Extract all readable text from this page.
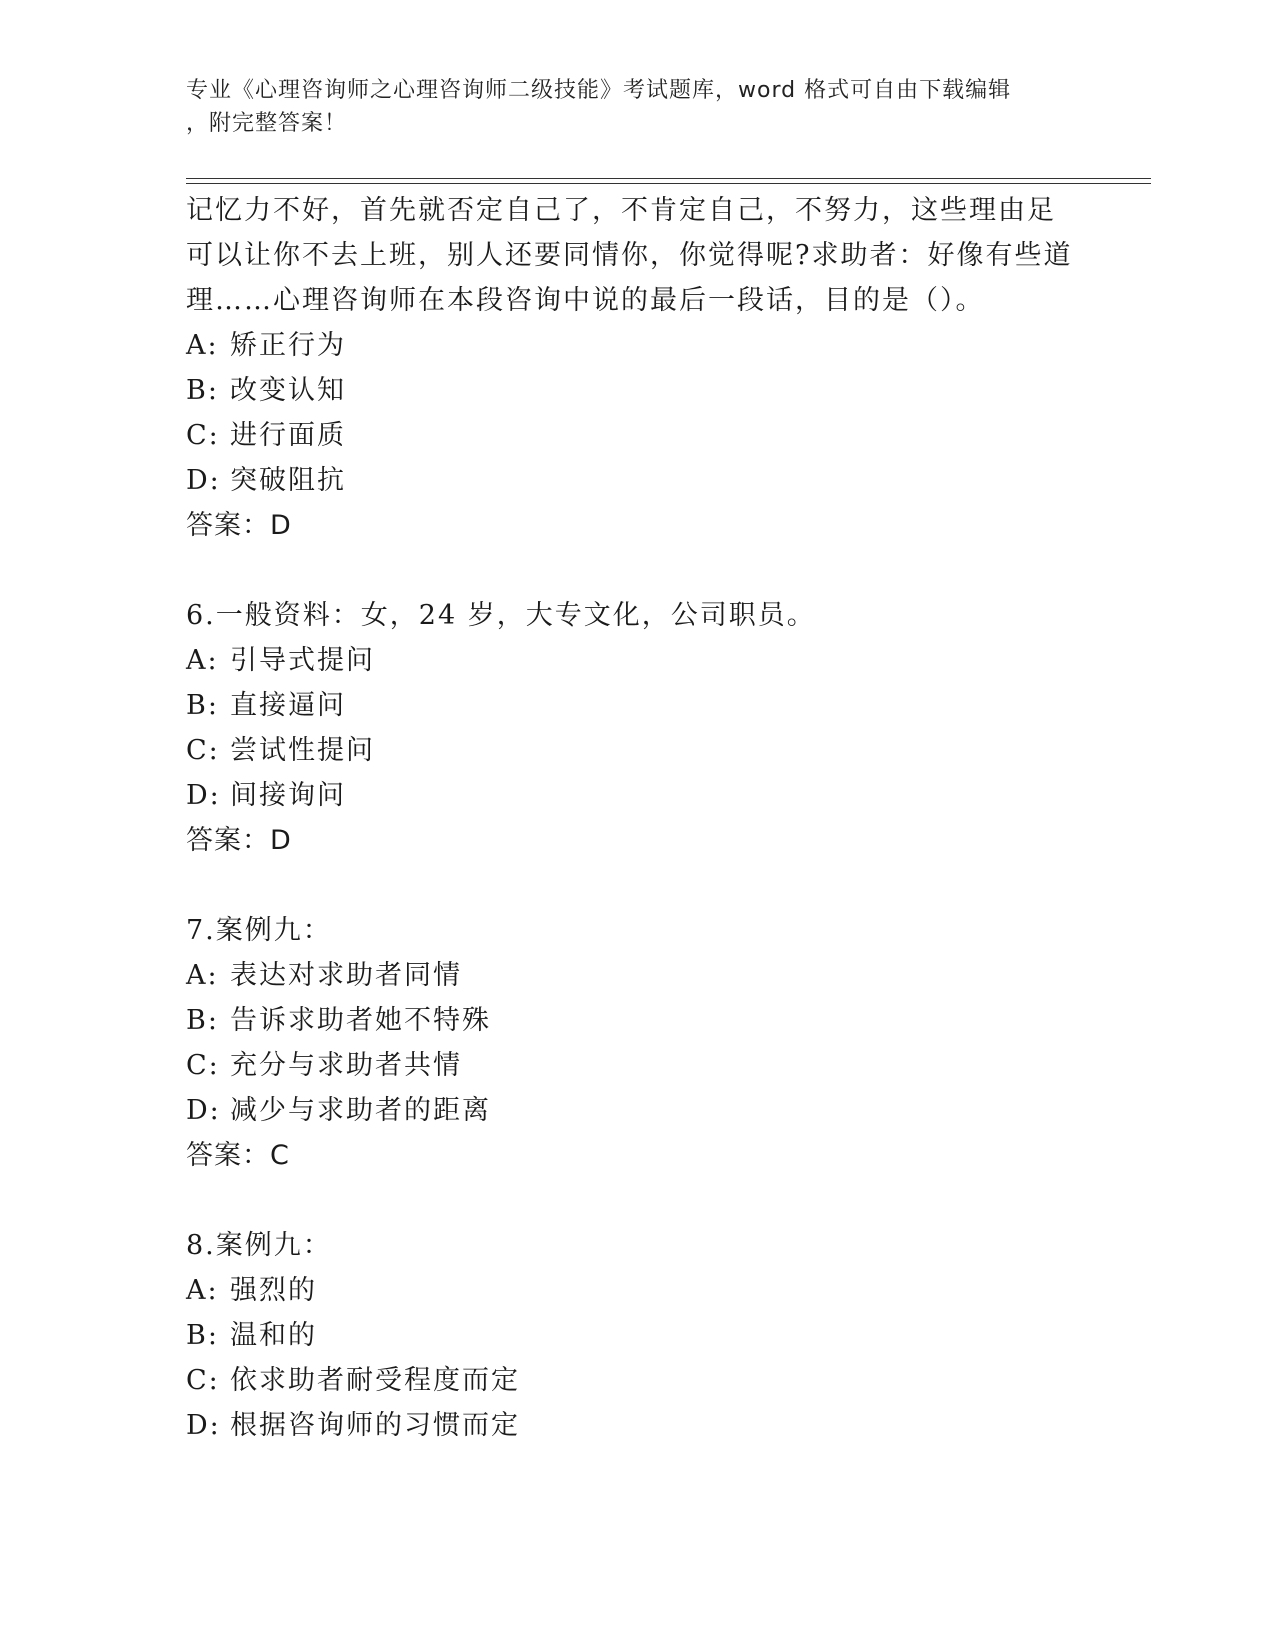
专业《心理咨询师之心理咨询师二级技能》考试题库，word 格式可自由下载编辑
，附完整答案！
记忆力不好，首先就否定自己了，不肯定自己，不努力，这些理由足
可以让你不去上班，别人还要同情你，你觉得呢?求助者：好像有些道
理……心理咨询师在本段咨询中说的最后一段话，目的是（）。
A: 矫正行为
B: 改变认知
C: 进行面质
D: 突破阻抗
答案：D
6.一般资料：女，24 岁，大专文化，公司职员。
A: 引导式提问
B: 直接逼问
C: 尝试性提问
D: 间接询问
答案：D
7.案例九：
A: 表达对求助者同情
B: 告诉求助者她不特殊
C: 充分与求助者共情
D: 减少与求助者的距离
答案：C
8.案例九：
A: 强烈的
B: 温和的
C: 依求助者耐受程度而定
D: 根据咨询师的习惯而定
